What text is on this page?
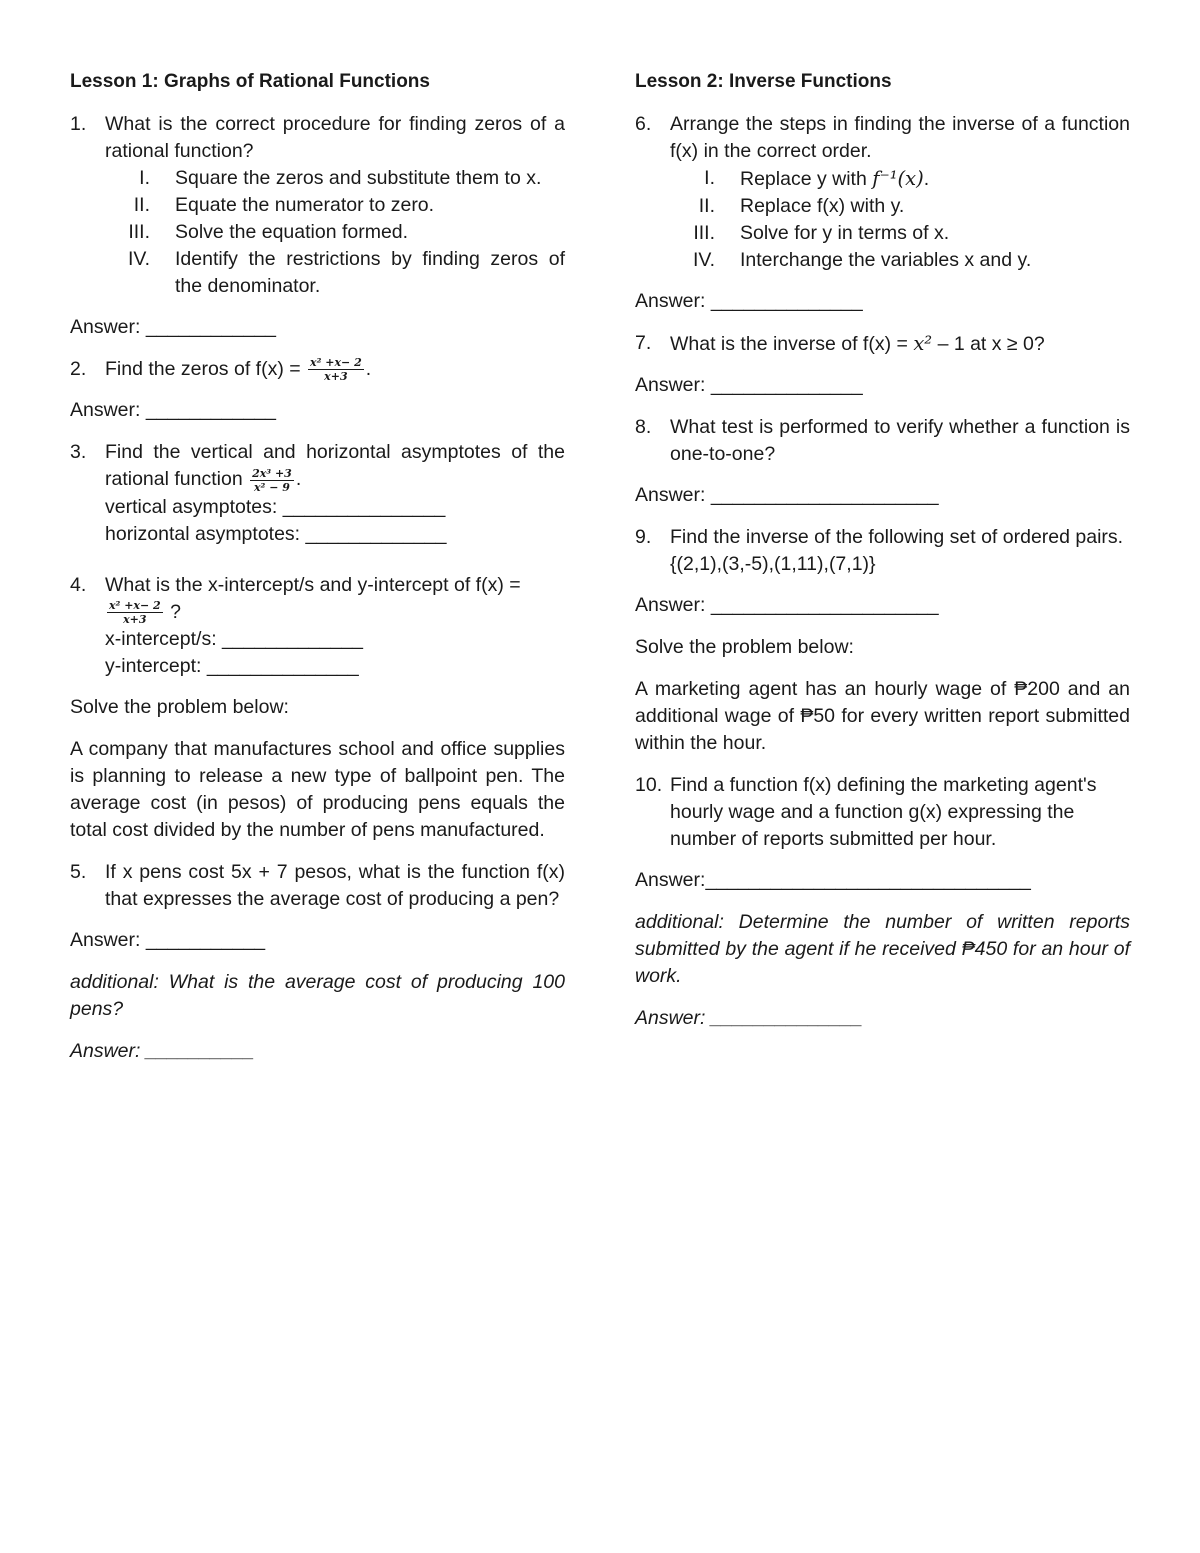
Lesson 1: Graphs of Rational Functions
1. What is the correct procedure for finding zeros of a rational function?
I. Square the zeros and substitute them to x.
II. Equate the numerator to zero.
III. Solve the equation formed.
IV. Identify the restrictions by finding zeros of the denominator.
Answer: ____________
2. Find the zeros of $f(x) = \frac{\text{x² +x− 2}}{x+3}$ .
Answer: ____________
3. Find the vertical and horizontal asymptotes of the rational function $\frac{\text{2x³ +3}}{\text{x² − 9}}$ .
vertical asymptotes: _______________
horizontal asymptotes: _____________
4. What is the x-intercept/s and y-intercept of f(x) =
$\frac{\text{x² +x− 2}}{x+3}$ ?
x-intercept/s: _____________
y-intercept: ______________
Solve the problem below:
A company that manufactures school and office supplies is planning to release a new type of ballpoint pen. The average cost (in pesos) of producing pens equals the total cost divided by the number of pens manufactured.
5. If x pens cost 5x + 7 pesos, what is the function f(x) that expresses the average cost of producing a pen?
Answer: ___________
additional: What is the average cost of producing 100 pens?
Answer: __________
Lesson 2: Inverse Functions
6. Arrange the steps in finding the inverse of a function f(x) in the correct order.
I. Replace y with f⁻¹(x).
II. Replace f(x) with y.
III. Solve for y in terms of x.
IV. Interchange the variables x and y.
Answer: ______________
7. What is the inverse of f(x) = x² – 1 at x ≥ 0?
Answer: ______________
8. What test is performed to verify whether a function is one-to-one?
Answer: _____________________
9. Find the inverse of the following set of ordered pairs.
{(2,1),(3,-5),(1,11),(7,1)}
Answer: _____________________
Solve the problem below:
A marketing agent has an hourly wage of ₱200 and an additional wage of ₱50 for every written report submitted within the hour.
10. Find a function f(x) defining the marketing agent's hourly wage and a function g(x) expressing the number of reports submitted per hour.
Answer:______________________________
additional: Determine the number of written reports submitted by the agent if he received ₱450 for an hour of work.
Answer: ______________
